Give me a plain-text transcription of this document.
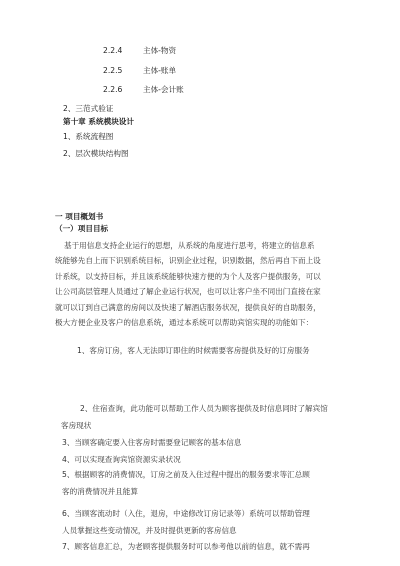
2.2.4	主体-物资
2.2.5	主体-账单
2.2.6	主体-会计账
2、三范式验证
第十章 系统模块设计
1、系统流程图
2、层次模块结构图
一 项目概划书
（一）项目目标
基于用信息支持企业运行的思想，从系统的角度进行思考，将建立的信息系
统能够先自上而下识别系统目标，识别企业过程，识别数据，然后再自下而上设
计系统，以支持目标，并且该系统能够快速方便的为个人及客户提供服务，可以
让公司高层管理人员通过了解企业运行状况，也可以让客户坐不同出门直接在家
就可以订到自己满意的房间以及快速了解酒店服务状况，提供良好的自助服务，
极大方便企业及客户的信息系统，通过本系统可以帮助宾馆实现的功能如下：
1、客房订房，客人无法即订即住的时候需要客房提供及好的订房服务
2、住宿查询，此功能可以帮助工作人员为顾客提供及时信息同时了解宾馆
客房现状
3、当顾客确定要入住客房时需要登记顾客的基本信息
4、可以实现查询宾馆资源实录状况
5、根据顾客的消费情况，订房之前及入住过程中提出的服务要求等汇总顾
客的消费情况并且能算
6、当顾客流动时（入住，退房，中途修改订房记录等）系统可以帮助管理
人员掌握这些变动情况，并及时提供更新的客房信息
7、顾客信息汇总，为老顾客提供服务时可以参考他以前的信息，就不需再
